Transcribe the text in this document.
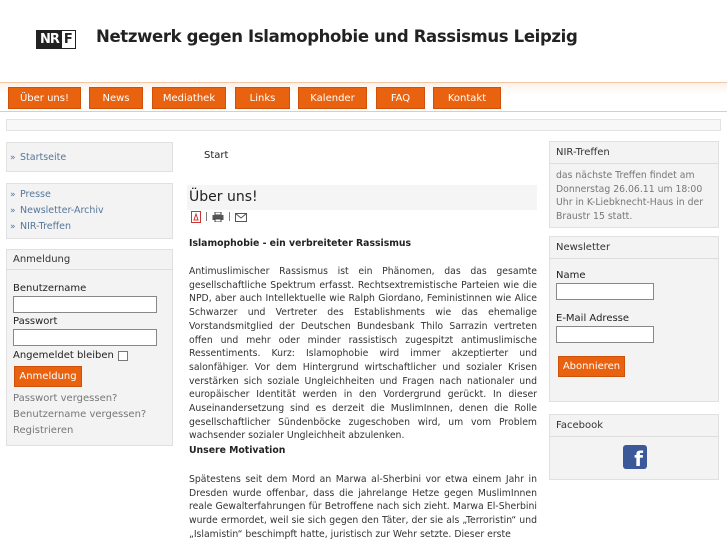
NR F Netzwerk gegen Islamophobie und Rassismus Leipzig
Über uns!	News	Mediathek	Links	Kalender	FAQ	Kontakt
» Startseite
» Presse
» Newsletter-Archiv
» NIR-Treffen
Anmeldung
Benutzername
Passwort
Angemeldet bleiben
Anmeldung
Passwort vergessen?
Benutzername vergessen?
Registrieren
Start
Über uns!
| |
Islamophobie - ein verbreiteter Rassismus
Antimuslimischer Rassismus ist ein Phänomen, das das gesamte gesellschaftliche Spektrum erfasst. Rechtsextremistische Parteien wie die NPD, aber auch Intellektuelle wie Ralph Giordano, Feministinnen wie Alice Schwarzer und Vertreter des Establishments wie das ehemalige Vorstandsmitglied der Deutschen Bundesbank Thilo Sarrazin vertreten offen und mehr oder minder rassistisch zugespitzt antimuslimische Ressentiments. Kurz: Islamophobie wird immer akzeptierter und salonfähiger. Vor dem Hintergrund wirtschaftlicher und sozialer Krisen verstärken sich soziale Ungleichheiten und Fragen nach nationaler und europäischer Identität werden in den Vordergrund gerückt. In dieser Auseinandersetzung sind es derzeit die MuslimInnen, denen die Rolle gesellschaftlicher Sündenböcke zugeschoben wird, um vom Problem wachsender sozialer Ungleichheit abzulenken.
Unsere Motivation
Spätestens seit dem Mord an Marwa al-Sherbini vor etwa einem Jahr in Dresden wurde offenbar, dass die jahrelange Hetze gegen MuslimInnen reale Gewalterfahrungen für Betroffene nach sich zieht. Marwa El-Sherbini wurde ermordet, weil sie sich gegen den Täter, der sie als „Terroristin“ und „Islamistin“ beschimpft hatte, juristisch zur Wehr setzte. Dieser erste
NIR-Treffen
das nächste Treffen findet am Donnerstag 26.06.11 um 18:00 Uhr in K-Liebknecht-Haus in der Braustr 15 statt.
Newsletter
Name
E-Mail Adresse
Abonnieren
Facebook
f
